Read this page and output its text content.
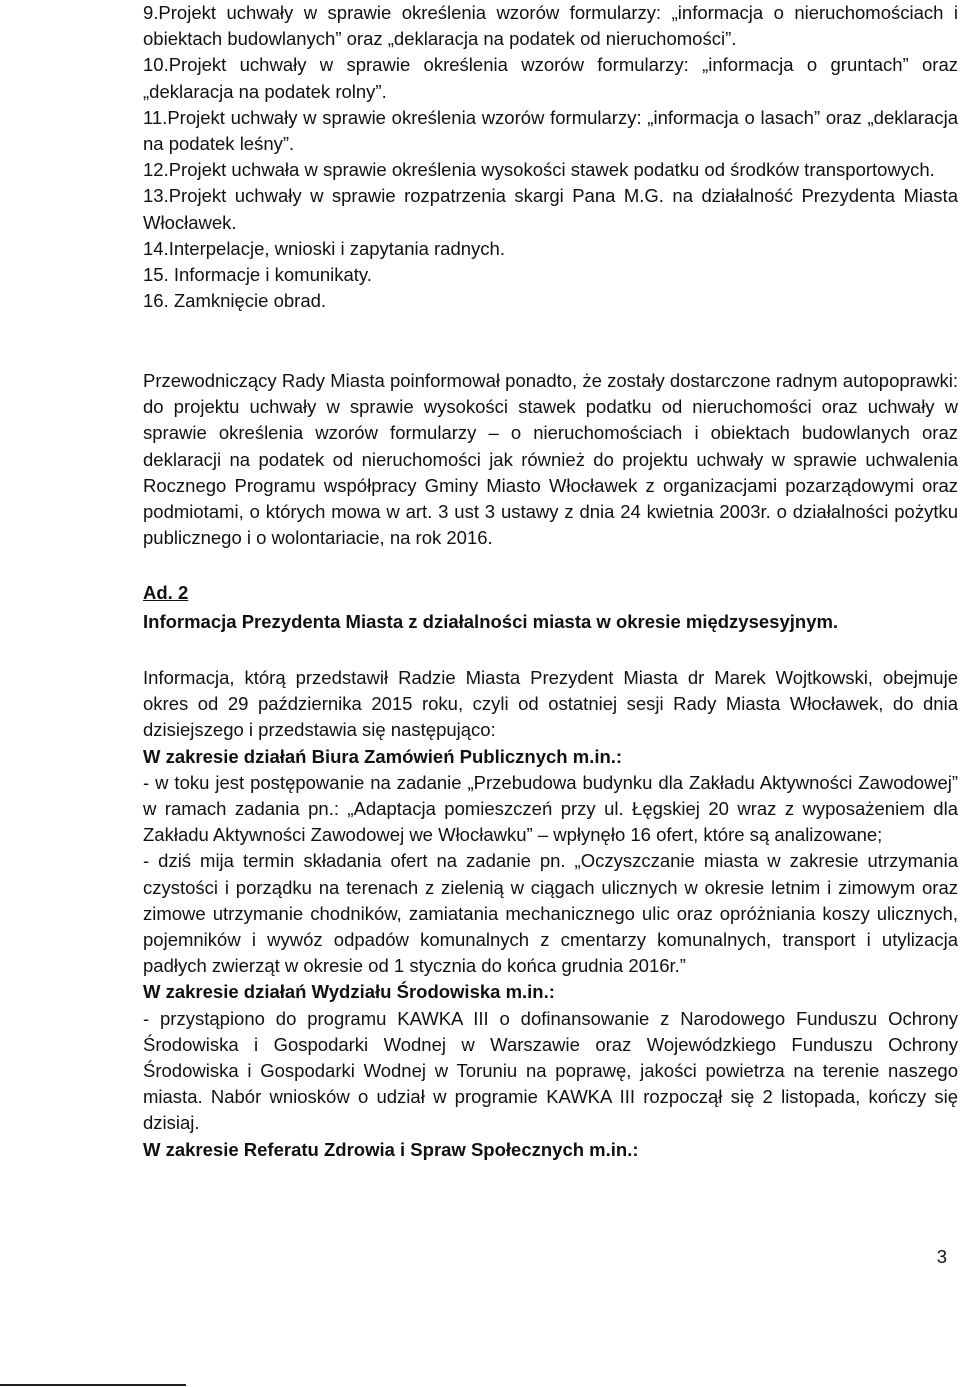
9.Projekt uchwały w sprawie określenia wzorów formularzy: „informacja o nieruchomościach i obiektach budowlanych” oraz „deklaracja na podatek od nieruchomości”.

10.Projekt uchwały w sprawie określenia wzorów formularzy: „informacja o gruntach” oraz „deklaracja na podatek rolny”.

11.Projekt uchwały w sprawie określenia wzorów formularzy: „informacja o lasach” oraz „deklaracja na podatek leśny”.

12.Projekt uchwała w sprawie określenia wysokości stawek podatku od środków transportowych.

13.Projekt uchwały w sprawie rozpatrzenia skargi Pana M.G. na działalność Prezydenta Miasta Włocławek.

14.Interpelacje, wnioski i zapytania radnych.

15. Informacje i komunikaty.

16. Zamknięcie obrad.

Przewodniczący Rady Miasta poinformował ponadto, że zostały dostarczone radnym autopoprawki: do projektu uchwały w sprawie wysokości stawek podatku od nieruchomości oraz uchwały w sprawie określenia wzorów formularzy – o nieruchomościach i obiektach budowlanych oraz deklaracji na podatek od nieruchomości jak również do projektu uchwały w sprawie uchwalenia Rocznego Programu współpracy Gminy Miasto Włocławek z organizacjami pozarządowymi oraz podmiotami, o których mowa w art. 3 ust 3 ustawy z dnia 24 kwietnia 2003r. o działalności pożytku publicznego i o wolontariacie, na rok 2016.

Ad. 2

Informacja Prezydenta Miasta z działalności miasta w okresie międzysesyjnym.

Informacja, którą przedstawił Radzie Miasta Prezydent Miasta dr Marek Wojtkowski, obejmuje okres od 29 października 2015 roku, czyli od ostatniej sesji Rady Miasta Włocławek, do dnia dzisiejszego i przedstawia się następująco:

W zakresie działań Biura Zamówień Publicznych m.in.:

- w toku jest postępowanie na zadanie „Przebudowa budynku dla Zakładu Aktywności Zawodowej” w ramach zadania pn.: „Adaptacja pomieszczeń przy ul. Łęgskiej 20 wraz z wyposażeniem dla Zakładu Aktywności Zawodowej we Włocławku” – wpłynęło 16 ofert, które są analizowane;

- dziś mija termin składania ofert na zadanie pn. „Oczyszczanie miasta w zakresie utrzymania czystości i porządku na terenach z zielenią w ciągach ulicznych w okresie letnim i zimowym oraz zimowe utrzymanie chodników, zamiatania mechanicznego ulic oraz opróżniania koszy ulicznych, pojemników i wywóz odpadów komunalnych z cmentarzy komunalnych, transport i utylizacja padłych zwierząt w okresie od 1 stycznia do końca grudnia 2016r.”

W zakresie działań Wydziału Środowiska m.in.:

- przystąpiono do programu KAWKA III o dofinansowanie z Narodowego Funduszu Ochrony Środowiska i Gospodarki Wodnej w Warszawie oraz Wojewódzkiego Funduszu Ochrony Środowiska i Gospodarki Wodnej w Toruniu na poprawę, jakości powietrza na terenie naszego miasta. Nabór wniosków o udział w programie KAWKA III rozpoczął się 2 listopada, kończy się dzisiaj.

W zakresie Referatu Zdrowia i Spraw Społecznych m.in.:

3
